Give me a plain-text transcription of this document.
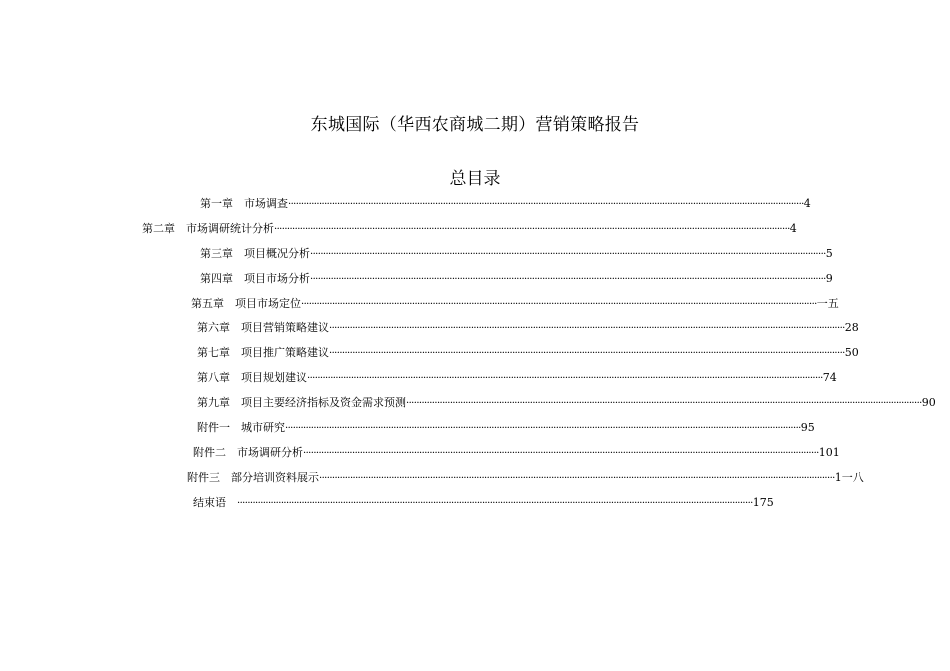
东城国际（华西农商城二期）营销策略报告
总目录
第一章 市场调查 ········································································································································································································ 4
第二章 市场调研统计分析 ········································································································································································································ 4
第三章 项目概况分析 ········································································································································································································ 5
第四章 项目市场分析 ········································································································································································································ 9
第五章 项目市场定位 ········································································································································································································ 一五
第六章 项目营销策略建议 ········································································································································································································ 28
第七章 项目推广策略建议 ········································································································································································································ 50
第八章 项目规划建议 ········································································································································································································ 74
第九章 项目主要经济指标及资金需求预测 ········································································································································································································ 90
附件一 城市研究 ········································································································································································································ 95
附件二 市场调研分析 ········································································································································································································ 101
附件三 部分培训资料展示 ········································································································································································································ 1一八
结束语 ········································································································································································································ 175
